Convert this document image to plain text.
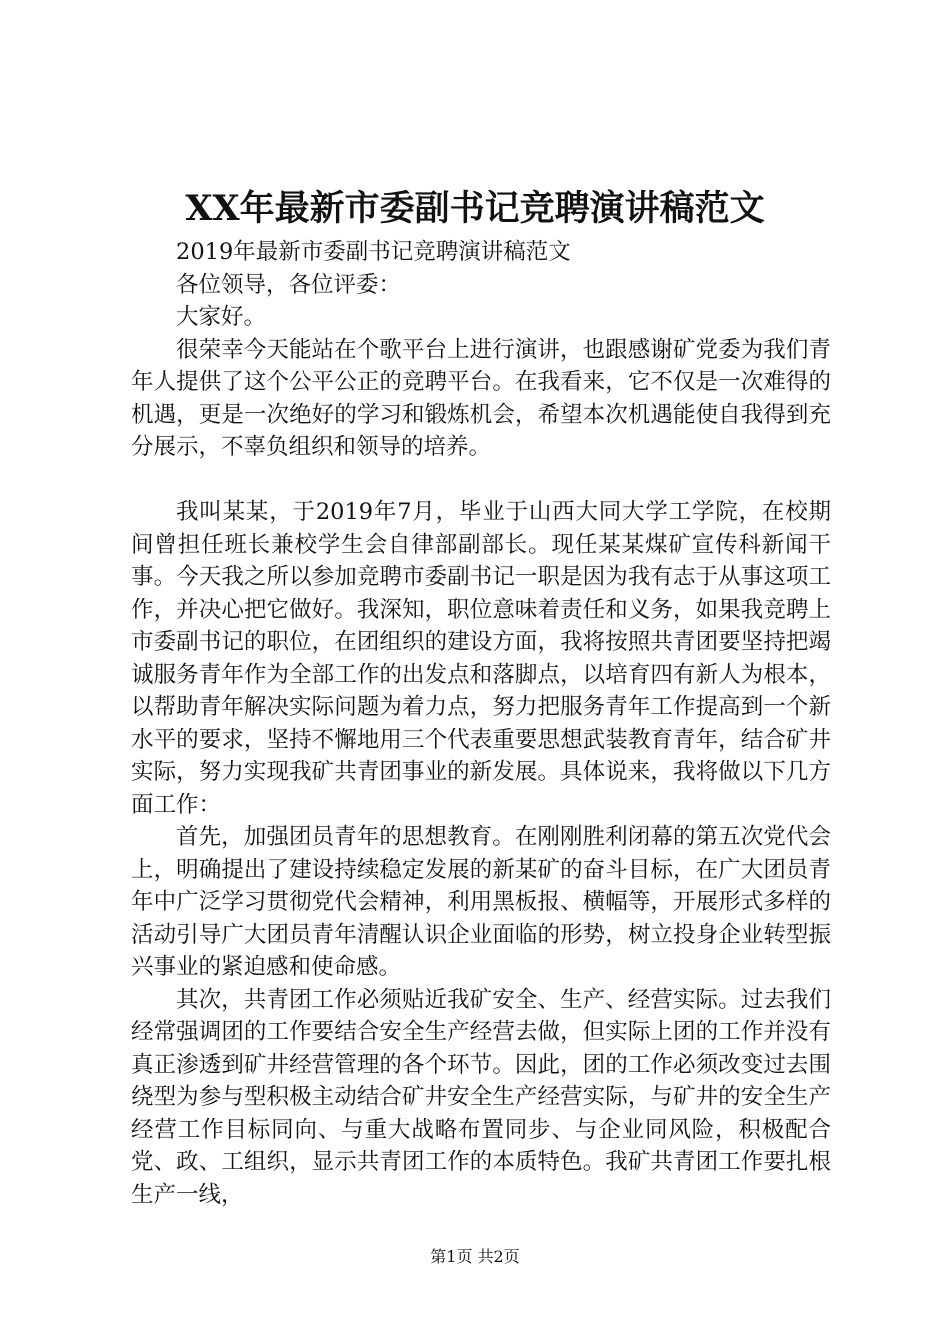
XX年最新市委副书记竞聘演讲稿范文

2019年最新市委副书记竞聘演讲稿范文

各位领导，各位评委：

大家好。

很荣幸今天能站在个歌平台上进行演讲，也跟感谢矿党委为我们青年人提供了这个公平公正的竞聘平台。在我看来，它不仅是一次难得的机遇，更是一次绝好的学习和锻炼机会，希望本次机遇能使自我得到充分展示，不辜负组织和领导的培养。

我叫某某，于2019年7月，毕业于山西大同大学工学院，在校期间曾担任班长兼校学生会自律部副部长。现任某某煤矿宣传科新闻干事。今天我之所以参加竞聘市委副书记一职是因为我有志于从事这项工作，并决心把它做好。我深知，职位意味着责任和义务，如果我竞聘上市委副书记的职位，在团组织的建设方面，我将按照共青团要坚持把竭诚服务青年作为全部工作的出发点和落脚点，以培育四有新人为根本，以帮助青年解决实际问题为着力点，努力把服务青年工作提高到一个新水平的要求，坚持不懈地用三个代表重要思想武装教育青年，结合矿井实际，努力实现我矿共青团事业的新发展。具体说来，我将做以下几方面工作：

首先，加强团员青年的思想教育。在刚刚胜利闭幕的第五次党代会上，明确提出了建设持续稳定发展的新某矿的奋斗目标，在广大团员青年中广泛学习贯彻党代会精神，利用黑板报、横幅等，开展形式多样的活动引导广大团员青年清醒认识企业面临的形势，树立投身企业转型振兴事业的紧迫感和使命感。

其次，共青团工作必须贴近我矿安全、生产、经营实际。过去我们经常强调团的工作要结合安全生产经营去做，但实际上团的工作并没有真正渗透到矿井经营管理的各个环节。因此，团的工作必须改变过去围绕型为参与型积极主动结合矿井安全生产经营实际，与矿井的安全生产经营工作目标同向、与重大战略布置同步、与企业同风险，积极配合党、政、工组织，显示共青团工作的本质特色。我矿共青团工作要扎根生产一线，

第1页 共2页
